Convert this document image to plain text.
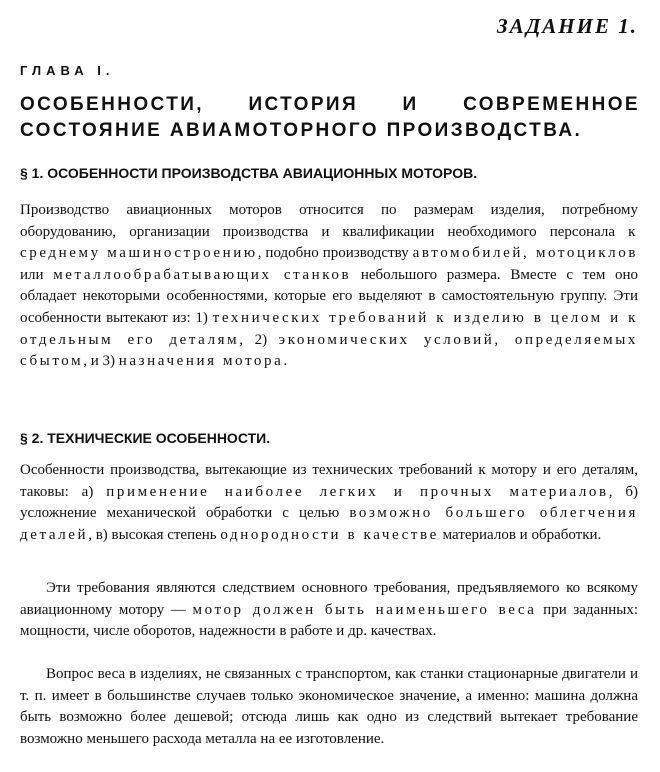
ЗАДАНИЕ 1.
ГЛАВА I.
ОСОБЕННОСТИ, ИСТОРИЯ И СОВРЕМЕННОЕ СОСТОЯНИЕ АВИАМОТОРНОГО ПРОИЗВОДСТВА.
§ 1. ОСОБЕННОСТИ ПРОИЗВОДСТВА АВИАЦИОННЫХ МОТОРОВ.

Производство авиационных моторов относится по размерам изделия, потребному оборудованию, организации производства и квалификации необходимого персонала к среднему машиностроению, подобно производству автомобилей, мотоциклов или металлообрабатывающих станков небольшого размера. Вместе с тем оно обладает некоторыми особенностями, которые его выделяют в самостоятельную группу. Эти особенности вытекают из: 1) технических требований к изделию в целом и к отдельным его деталям, 2) экономических условий, определяемых сбытом, и 3) назначения мотора.

§ 2. ТЕХНИЧЕСКИЕ ОСОБЕННОСТИ.

Особенности производства, вытекающие из технических требований к мотору и его деталям, таковы: а) применение наиболее легких и прочных материалов, б) усложнение механической обработки с целью возможно большего облегчения деталей, в) высокая степень однородности в качестве материалов и обработки.

Эти требования являются следствием основного требования, предъявляемого ко всякому авиационному мотору — мотор должен быть наименьшего веса при заданных: мощности, числе оборотов, надежности в работе и др. качествах.

Вопрос веса в изделиях, не связанных с транспортом, как станки стационарные двигатели и т. п. имеет в большинстве случаев только экономическое значение, а именно: машина должна быть возможно более дешевой; отсюда лишь как одно из следствий вытекает требование возможно меньшего расхода металла на ее изготовление.
